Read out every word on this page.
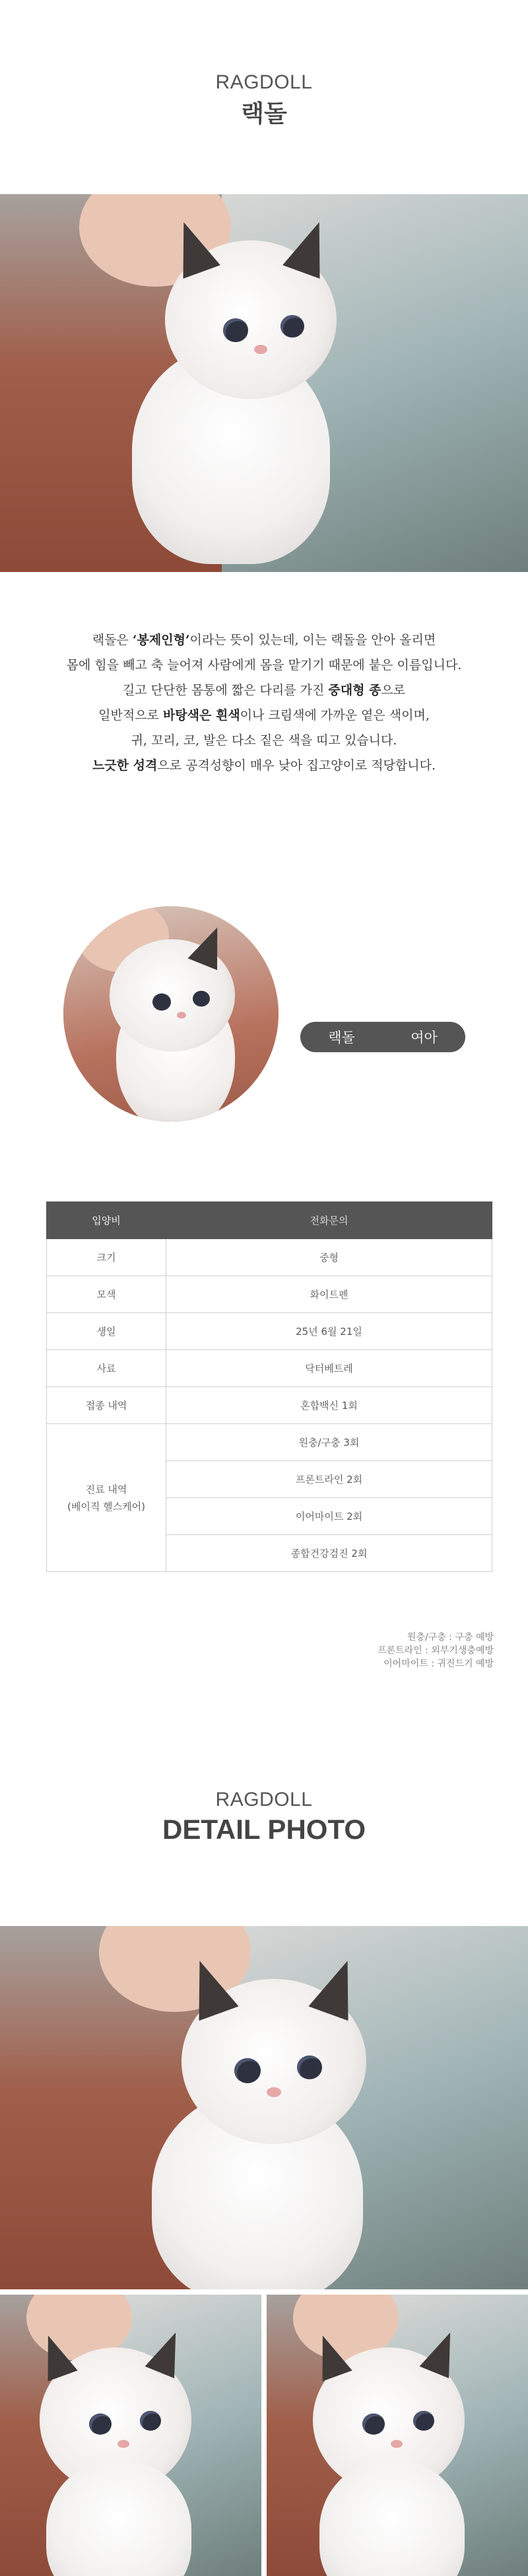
RAGDOLL
랙돌
랙돌은 ‘봉제인형’이라는 뜻이 있는데, 이는 랙돌을 안아 올리면
몸에 힘을 빼고 축 늘어져 사람에게 몸을 맡기기 때문에 붙은 이름입니다.
길고 단단한 몸통에 짧은 다리를 가진 중대형 종으로
일반적으로 바탕색은 흰색이나 크림색에 가까운 옅은 색이며,
귀, 꼬리, 코, 발은 다소 짙은 색을 띠고 있습니다.
느긋한 성격으로 공격성향이 매우 낮아 집고양이로 적당합니다.
랙돌	여아
입양비	전화문의
크기	중형
모색	화이트펜
생일	25년 6월 21일
사료	닥터베트레
접종 내역	혼합백신 1회

진료 내역
(베이직 헬스케어)	원충/구충 3회
	프론트라인 2회
	이어마이트 2회
	종합건강검진 2회
원충/구충 : 구충 예방
프론트라인 : 외부기생충예방
이어마이트 : 귀진드기 예방
RAGDOLL
DETAIL PHOTO
